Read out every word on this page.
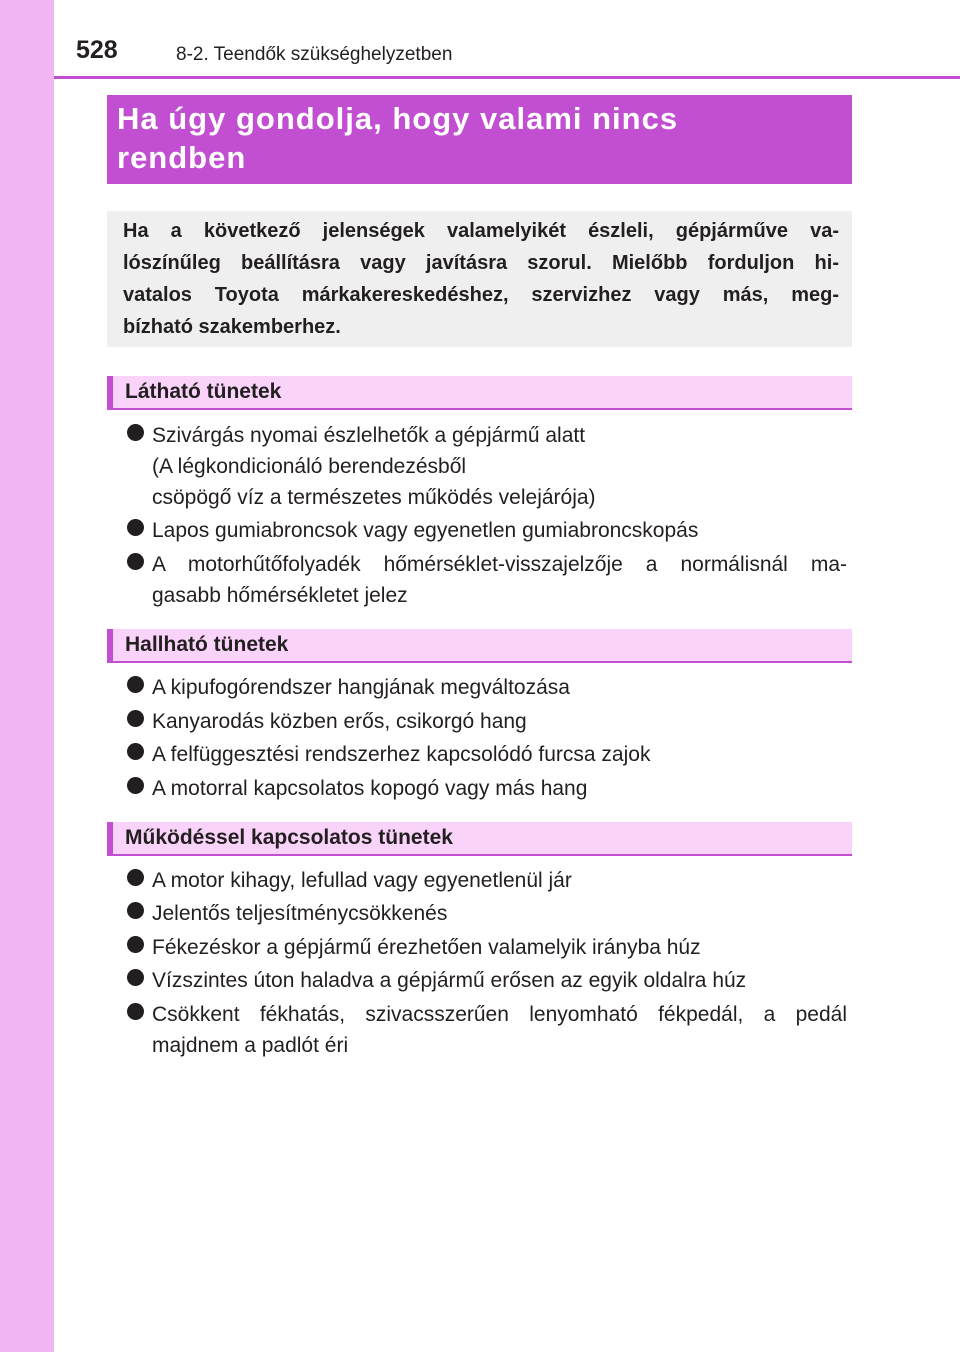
528	8-2. Teendők szükséghelyzetben
Ha úgy gondolja, hogy valami nincs
rendben
Ha a következő jelenségek valamelyikét észleli, gépjárműve va-
lószínűleg beállításra vagy javításra szorul. Mielőbb forduljon hi-
vatalos Toyota márkakereskedéshez, szervizhez vagy más, meg-
bízható szakemberhez.
Látható tünetek
Szivárgás nyomai észlelhetők a gépjármű alatt
(A légkondicionáló berendezésből
csöpögő víz a természetes működés velejárója)
Lapos gumiabroncsok vagy egyenetlen gumiabroncskopás
A motorhűtőfolyadék hőmérséklet-visszajelzője a normálisnál ma-
gasabb hőmérsékletet jelez
Hallható tünetek
A kipufogórendszer hangjának megváltozása
Kanyarodás közben erős, csikorgó hang
A felfüggesztési rendszerhez kapcsolódó furcsa zajok
A motorral kapcsolatos kopogó vagy más hang
Működéssel kapcsolatos tünetek
A motor kihagy, lefullad vagy egyenetlenül jár
Jelentős teljesítménycsökkenés
Fékezéskor a gépjármű érezhetően valamelyik irányba húz
Vízszintes úton haladva a gépjármű erősen az egyik oldalra húz
Csökkent fékhatás, szivacsszerűen lenyomható fékpedál, a pedál
majdnem a padlót éri
